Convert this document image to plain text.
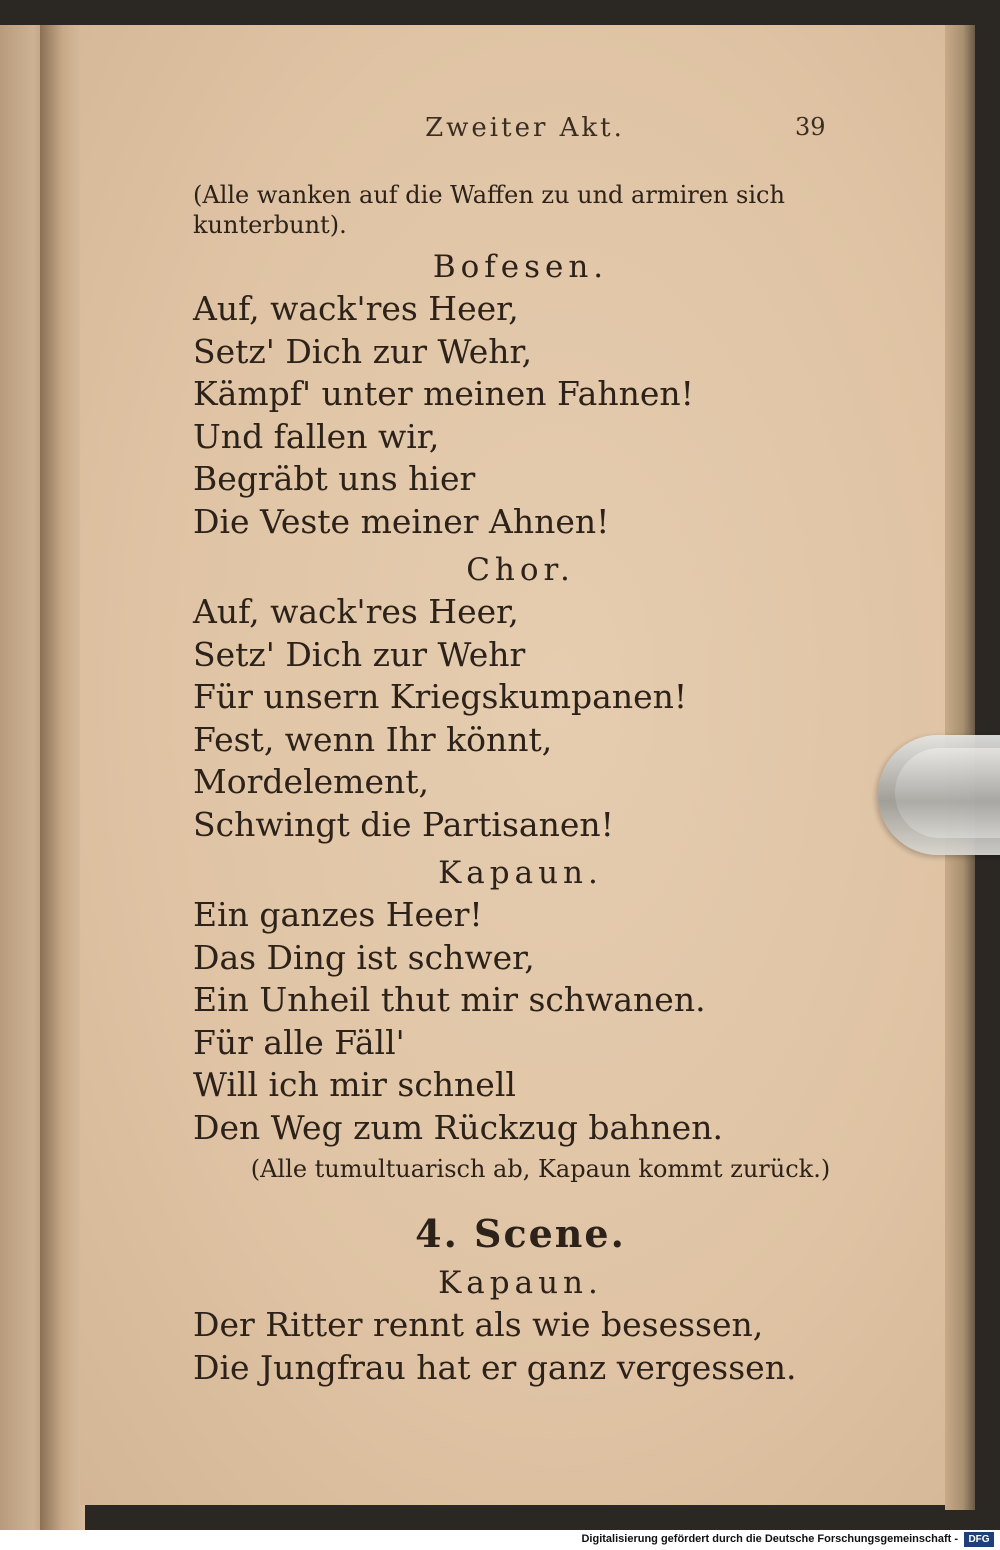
Zweiter Akt.	39

(Alle wanken auf die Waffen zu und armiren sich
kunterbunt).

Bofesen.
Auf, wack'res Heer,
Setz' Dich zur Wehr,
Kämpf' unter meinen Fahnen!
Und fallen wir,
Begräbt uns hier
Die Veste meiner Ahnen!
Chor.
Auf, wack'res Heer,
Setz' Dich zur Wehr
Für unsern Kriegskumpanen!
Fest, wenn Ihr könnt,
Mordelement,
Schwingt die Partisanen!
Kapaun.
Ein ganzes Heer!
Das Ding ist schwer,
Ein Unheil thut mir schwanen.
Für alle Fäll'
Will ich mir schnell
Den Weg zum Rückzug bahnen.

(Alle tumultuarisch ab, Kapaun kommt zurück.)

4. Scene.
Kapaun.
Der Ritter rennt als wie besessen,
Die Jungfrau hat er ganz vergessen.
Digitalisierung gefördert durch die Deutsche Forschungsgemeinschaft -	DFG
